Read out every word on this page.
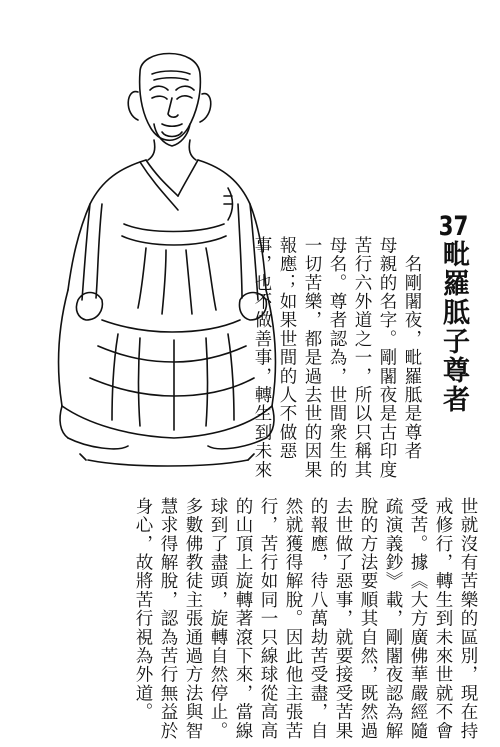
37毗羅胝子尊者
　名剛闍夜，毗羅胝是尊者
母親的名字。剛闍夜是古印度
苦行六外道之一，所以只稱其
母名。尊者認為，世間衆生的
一切苦樂，都是過去世的因果
報應；如果世間的人不做惡
事，也不做善事，轉生到未來
世就沒有苦樂的區別，現在持
戒修行，轉生到未來世就不會
受苦。據《大方廣佛華嚴經隨
疏演義鈔》載，剛闍夜認為解
脫的方法要順其自然，既然過
去世做了惡事，就要接受苦果
的報應，待八萬劫苦受盡，自
然就獲得解脫。因此他主張苦
行，苦行如同一只線球從高高
的山頂上旋轉著滾下來，當線
球到了盡頭，旋轉自然停止。
多數佛教徒主張通過方法與智
慧求得解脫，認為苦行無益於
身心，故將苦行視為外道。
